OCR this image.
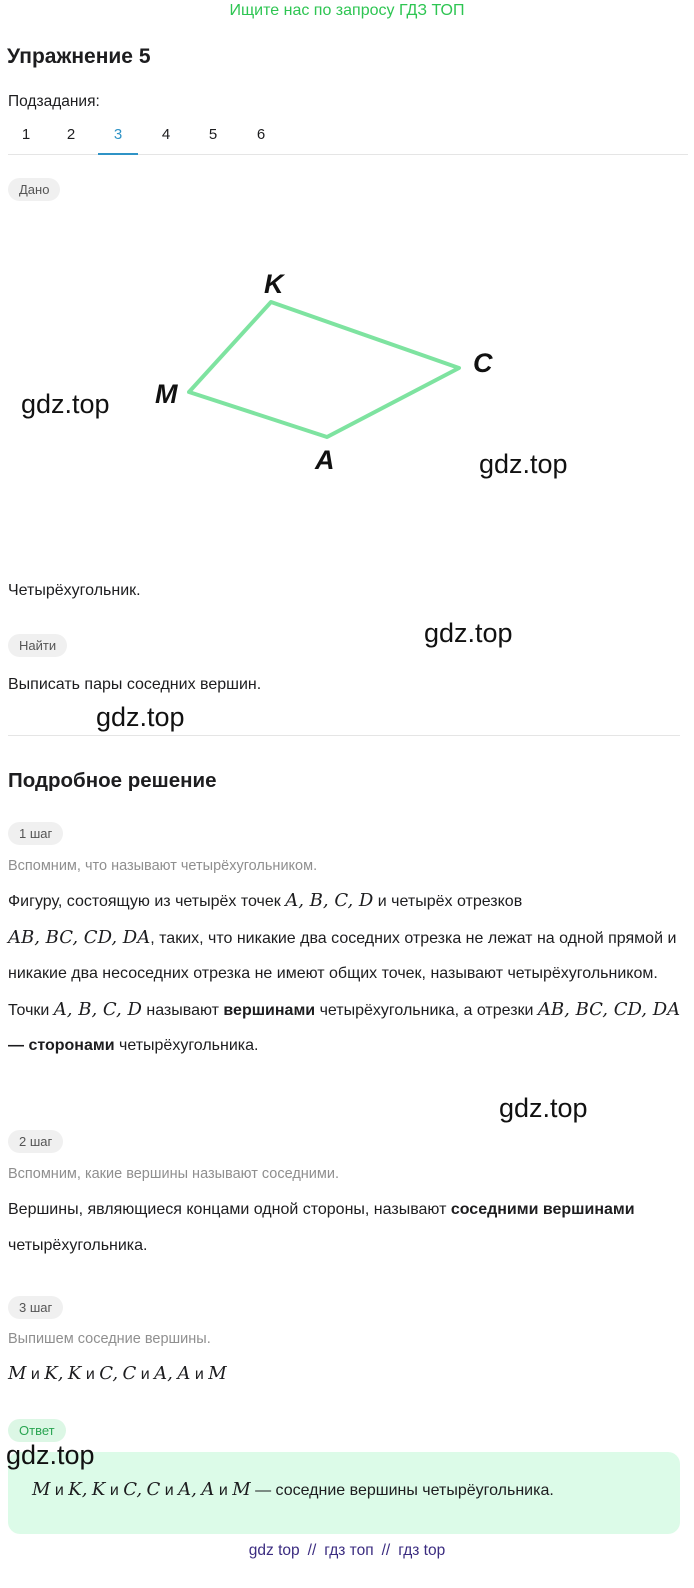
Ищите нас по запросу ГДЗ ТОП
Упражнение 5
Подзадания:
1	2	3	4	5	6
Дано
K
C
M
A
gdz.top
gdz.top
Четырёхугольник.
Найти	gdz.top
Выписать пары соседних вершин.
gdz.top
Подробное решение
1 шаг
Вспомним, что называют четырёхугольником.
Фигуру, состоящую из четырёх точек A, B, C, D и четырёх отрезков
AB, BC, CD, DA, таких, что никакие два соседних отрезка не лежат на одной прямой и никакие два несоседних отрезка не имеют общих точек, называют четырёхугольником. Точки A, B, C, D называют вершинами четырёхугольника, а отрезки AB, BC, CD, DA — сторонами четырёхугольника.
gdz.top
2 шаг
Вспомним, какие вершины называют соседними.
Вершины, являющиеся концами одной стороны, называют соседними вершинами четырёхугольника.
3 шаг
Выпишем соседние вершины.
M и K, K и C, C и A, A и M
Ответ
M и K, K и C, C и A, A и M — соседние вершины четырёугольника.
gdz.top
gdz top // гдз топ // гдз top
